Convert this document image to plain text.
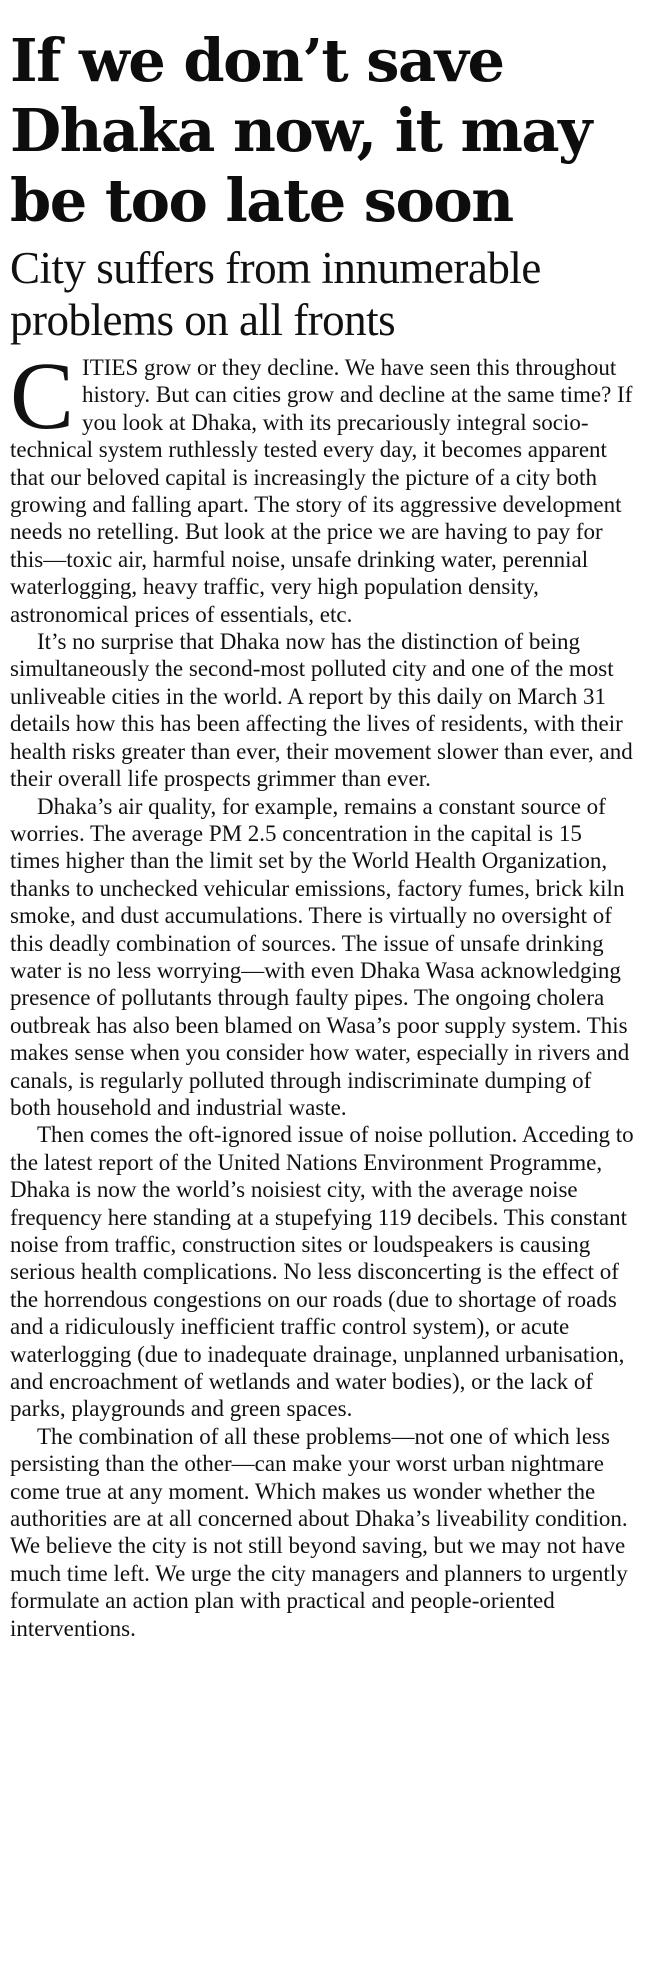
If we don’t save Dhaka now, it may be too late soon
City suffers from innumerable problems on all fronts

CITIES grow or they decline. We have seen this throughout history. But can cities grow and decline at the same time? If you look at Dhaka, with its precariously integral socio-technical system ruthlessly tested every day, it becomes apparent that our beloved capital is increasingly the picture of a city both growing and falling apart. The story of its aggressive development needs no retelling. But look at the price we are having to pay for this—toxic air, harmful noise, unsafe drinking water, perennial waterlogging, heavy traffic, very high population density, astronomical prices of essentials, etc.

It’s no surprise that Dhaka now has the distinction of being simultaneously the second-most polluted city and one of the most unliveable cities in the world. A report by this daily on March 31 details how this has been affecting the lives of residents, with their health risks greater than ever, their movement slower than ever, and their overall life prospects grimmer than ever.

Dhaka’s air quality, for example, remains a constant source of worries. The average PM 2.5 concentration in the capital is 15 times higher than the limit set by the World Health Organization, thanks to unchecked vehicular emissions, factory fumes, brick kiln smoke, and dust accumulations. There is virtually no oversight of this deadly combination of sources. The issue of unsafe drinking water is no less worrying—with even Dhaka Wasa acknowledging presence of pollutants through faulty pipes. The ongoing cholera outbreak has also been blamed on Wasa’s poor supply system. This makes sense when you consider how water, especially in rivers and canals, is regularly polluted through indiscriminate dumping of both household and industrial waste.

Then comes the oft-ignored issue of noise pollution. Acceding to the latest report of the United Nations Environment Programme, Dhaka is now the world’s noisiest city, with the average noise frequency here standing at a stupefying 119 decibels. This constant noise from traffic, construction sites or loudspeakers is causing serious health complications. No less disconcerting is the effect of the horrendous congestions on our roads (due to shortage of roads and a ridiculously inefficient traffic control system), or acute waterlogging (due to inadequate drainage, unplanned urbanisation, and encroachment of wetlands and water bodies), or the lack of parks, playgrounds and green spaces.

The combination of all these problems—not one of which less persisting than the other—can make your worst urban nightmare come true at any moment. Which makes us wonder whether the authorities are at all concerned about Dhaka’s liveability condition. We believe the city is not still beyond saving, but we may not have much time left. We urge the city managers and planners to urgently formulate an action plan with practical and people-oriented interventions.
